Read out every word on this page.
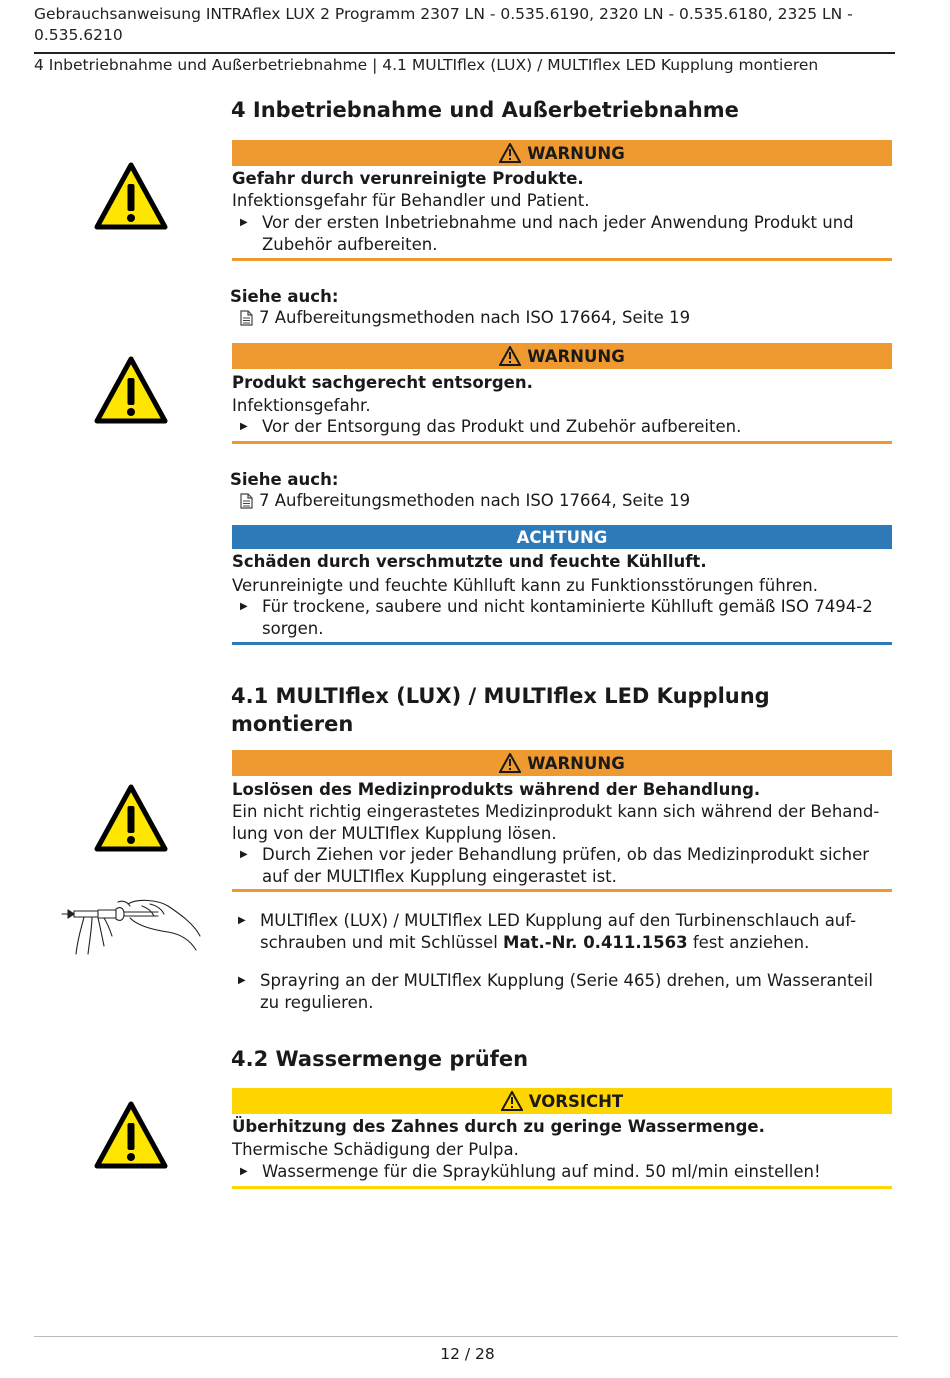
Gebrauchsanweisung INTRAflex LUX 2 Programm 2307 LN - 0.535.6190, 2320 LN - 0.535.6180, 2325 LN -
0.535.6210
4 Inbetriebnahme und Außerbetriebnahme | 4.1 MULTIflex (LUX) / MULTIflex LED Kupplung montieren
4 Inbetriebnahme und Außerbetriebnahme
WARNUNG
Gefahr durch verunreinigte Produkte.
Infektionsgefahr für Behandler und Patient.
▶ Vor der ersten Inbetriebnahme und nach jeder Anwendung Produkt und
Zubehör aufbereiten.
Siehe auch:
7 Aufbereitungsmethoden nach ISO 17664, Seite 19
WARNUNG
Produkt sachgerecht entsorgen.
Infektionsgefahr.
▶ Vor der Entsorgung das Produkt und Zubehör aufbereiten.
Siehe auch:
7 Aufbereitungsmethoden nach ISO 17664, Seite 19
ACHTUNG
Schäden durch verschmutzte und feuchte Kühlluft.
Verunreinigte und feuchte Kühlluft kann zu Funktionsstörungen führen.
▶ Für trockene, saubere und nicht kontaminierte Kühlluft gemäß ISO 7494-2
sorgen.
4.1 MULTIflex (LUX) / MULTIflex LED Kupplung
montieren
WARNUNG
Loslösen des Medizinprodukts während der Behandlung.
Ein nicht richtig eingerastetes Medizinprodukt kann sich während der Behand-
lung von der MULTIflex Kupplung lösen.
▶ Durch Ziehen vor jeder Behandlung prüfen, ob das Medizinprodukt sicher
auf der MULTIflex Kupplung eingerastet ist.
▶ MULTIflex (LUX) / MULTIflex LED Kupplung auf den Turbinenschlauch auf-
schrauben und mit Schlüssel Mat.-Nr. 0.411.1563 fest anziehen.
▶ Sprayring an der MULTIflex Kupplung (Serie 465) drehen, um Wasseranteil
zu regulieren.
4.2 Wassermenge prüfen
VORSICHT
Überhitzung des Zahnes durch zu geringe Wassermenge.
Thermische Schädigung der Pulpa.
▶ Wassermenge für die Spraykühlung auf mind. 50 ml/min einstellen!
12 / 28
